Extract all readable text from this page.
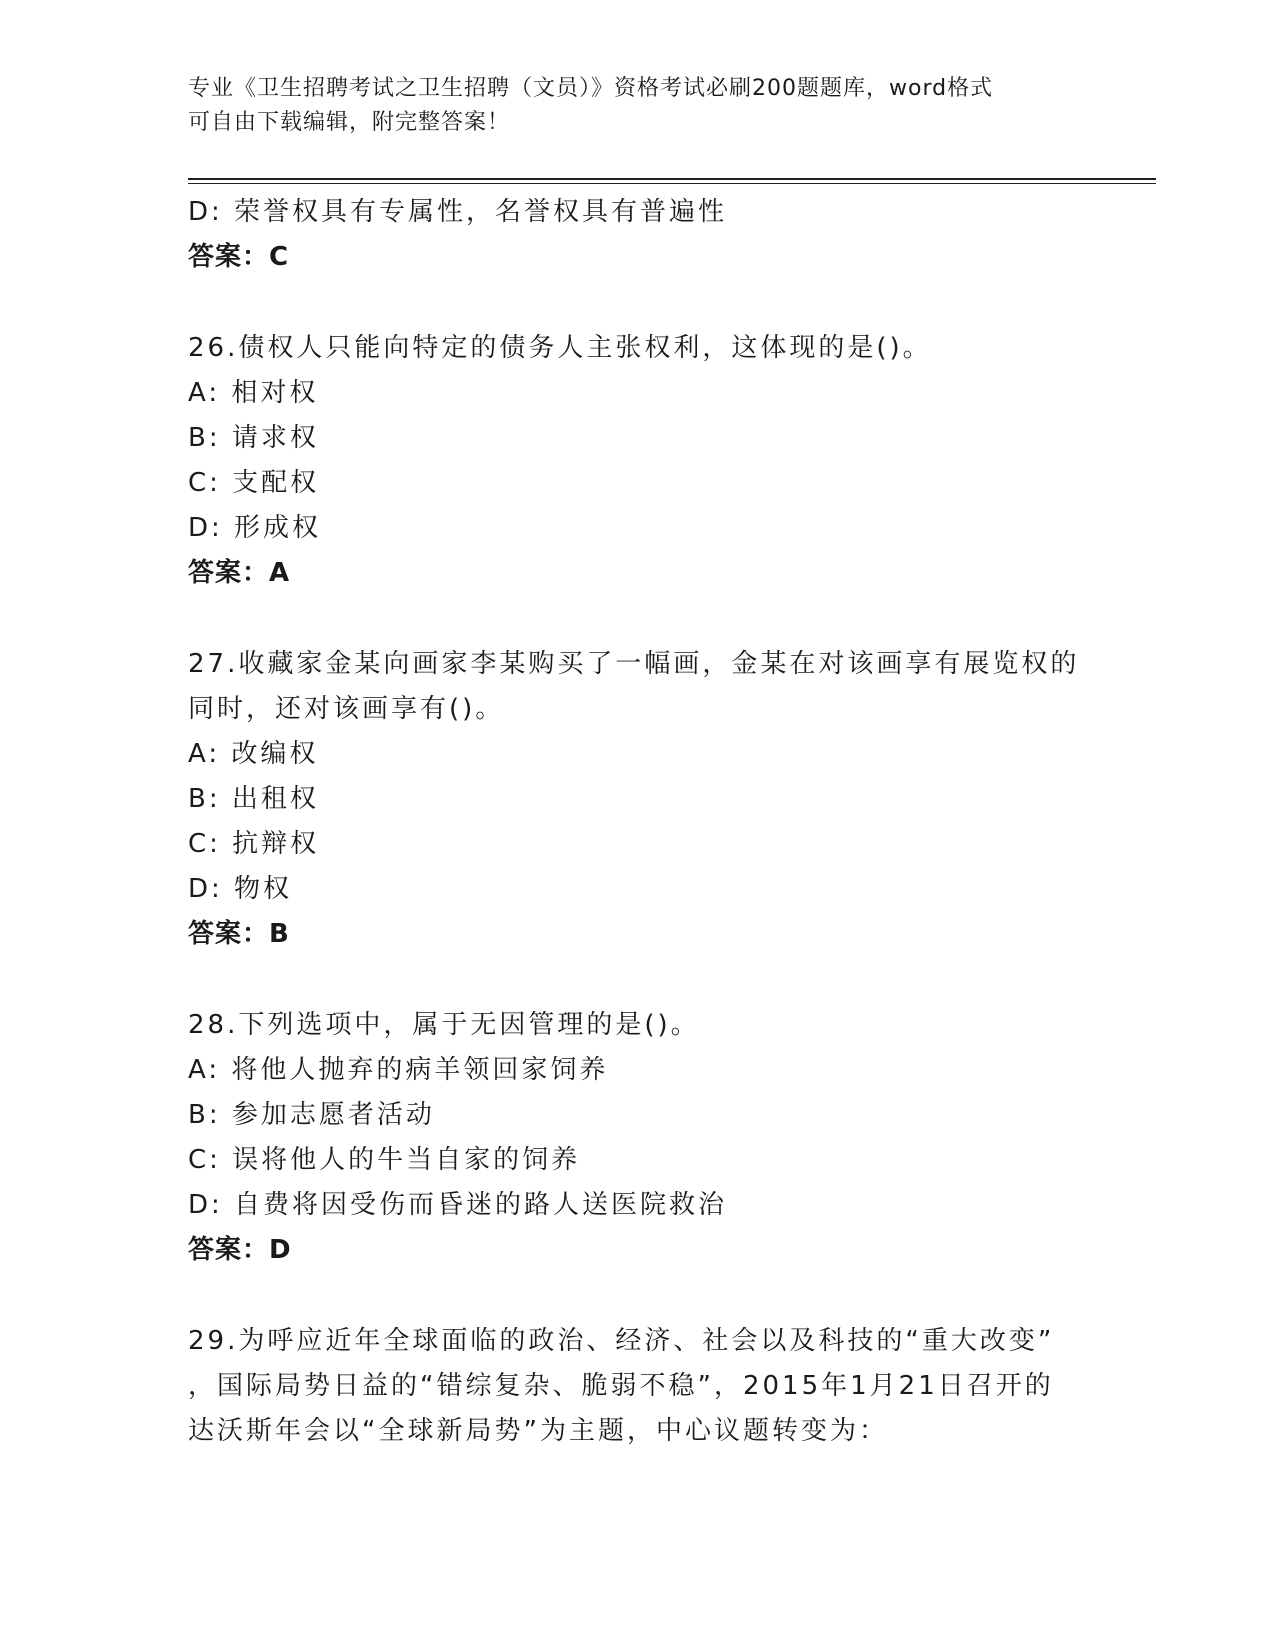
专业《卫生招聘考试之卫生招聘（文员）》资格考试必刷200题题库，word格式
可自由下载编辑，附完整答案！
D: 荣誉权具有专属性，名誉权具有普遍性
答案：C
26.债权人只能向特定的债务人主张权利，这体现的是()。
A: 相对权
B: 请求权
C: 支配权
D: 形成权
答案：A
27.收藏家金某向画家李某购买了一幅画，金某在对该画享有展览权的
同时，还对该画享有()。
A: 改编权
B: 出租权
C: 抗辩权
D: 物权
答案：B
28.下列选项中，属于无因管理的是()。
A: 将他人抛弃的病羊领回家饲养
B: 参加志愿者活动
C: 误将他人的牛当自家的饲养
D: 自费将因受伤而昏迷的路人送医院救治
答案：D
29.为呼应近年全球面临的政治、经济、社会以及科技的“重大改变”
，国际局势日益的“错综复杂、脆弱不稳”，2015年1月21日召开的
达沃斯年会以“全球新局势”为主题，中心议题转变为：
